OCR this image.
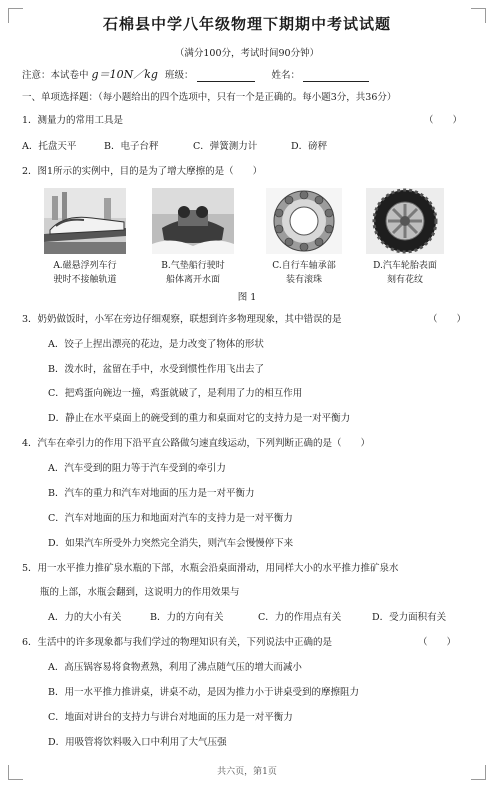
石棉县中学八年级物理下期期中考试试题
（满分100分，考试时间90分钟）
注意：本试卷中 g＝10N／kg 班级：	姓名：
一、单项选择题：（每小题给出的四个选项中，只有一个是正确的。每小题3分，共36分）
1．测量力的常用工具是	（　　）
A．托盘天平	B．电子台秤	C．弹簧测力计	D．磅秤
2．图1所示的实例中，目的是为了增大摩擦的是（　　）
A.磁悬浮列车行
驶时不接触轨道
B.气垫船行驶时
船体离开水面
C.自行车轴承部
装有滚珠
D.汽车轮胎表面
刻有花纹
图 1
3．奶奶做饭时，小军在旁边仔细观察，联想到许多物理现象，其中错误的是	（　　）
A．饺子上捏出漂亮的花边，是力改变了物体的形状
B．泼水时，盆留在手中，水受到惯性作用飞出去了
C．把鸡蛋向碗边一撞，鸡蛋就破了，是利用了力的相互作用
D．静止在水平桌面上的碗受到的重力和桌面对它的支持力是一对平衡力
4．汽车在牵引力的作用下沿平直公路做匀速直线运动，下列判断正确的是（　　）
A．汽车受到的阻力等于汽车受到的牵引力
B．汽车的重力和汽车对地面的压力是一对平衡力
C．汽车对地面的压力和地面对汽车的支持力是一对平衡力
D．如果汽车所受外力突然完全消失，则汽车会慢慢停下来
5．用一水平推力推矿泉水瓶的下部，水瓶会沿桌面滑动，用同样大小的水平推力推矿泉水
瓶的上部，水瓶会翻到，这说明力的作用效果与
A．力的大小有关	B．力的方向有关	C．力的作用点有关	D．受力面积有关
6．生活中的许多现象都与我们学过的物理知识有关，下列说法中正确的是	（　　）
A．高压锅容易将食物煮熟，利用了沸点随气压的增大而减小
B．用一水平推力推讲桌，讲桌不动，是因为推力小于讲桌受到的摩擦阻力
C．地面对讲台的支持力与讲台对地面的压力是一对平衡力
D．用吸管将饮料吸入口中利用了大气压强
共六页，第1页
